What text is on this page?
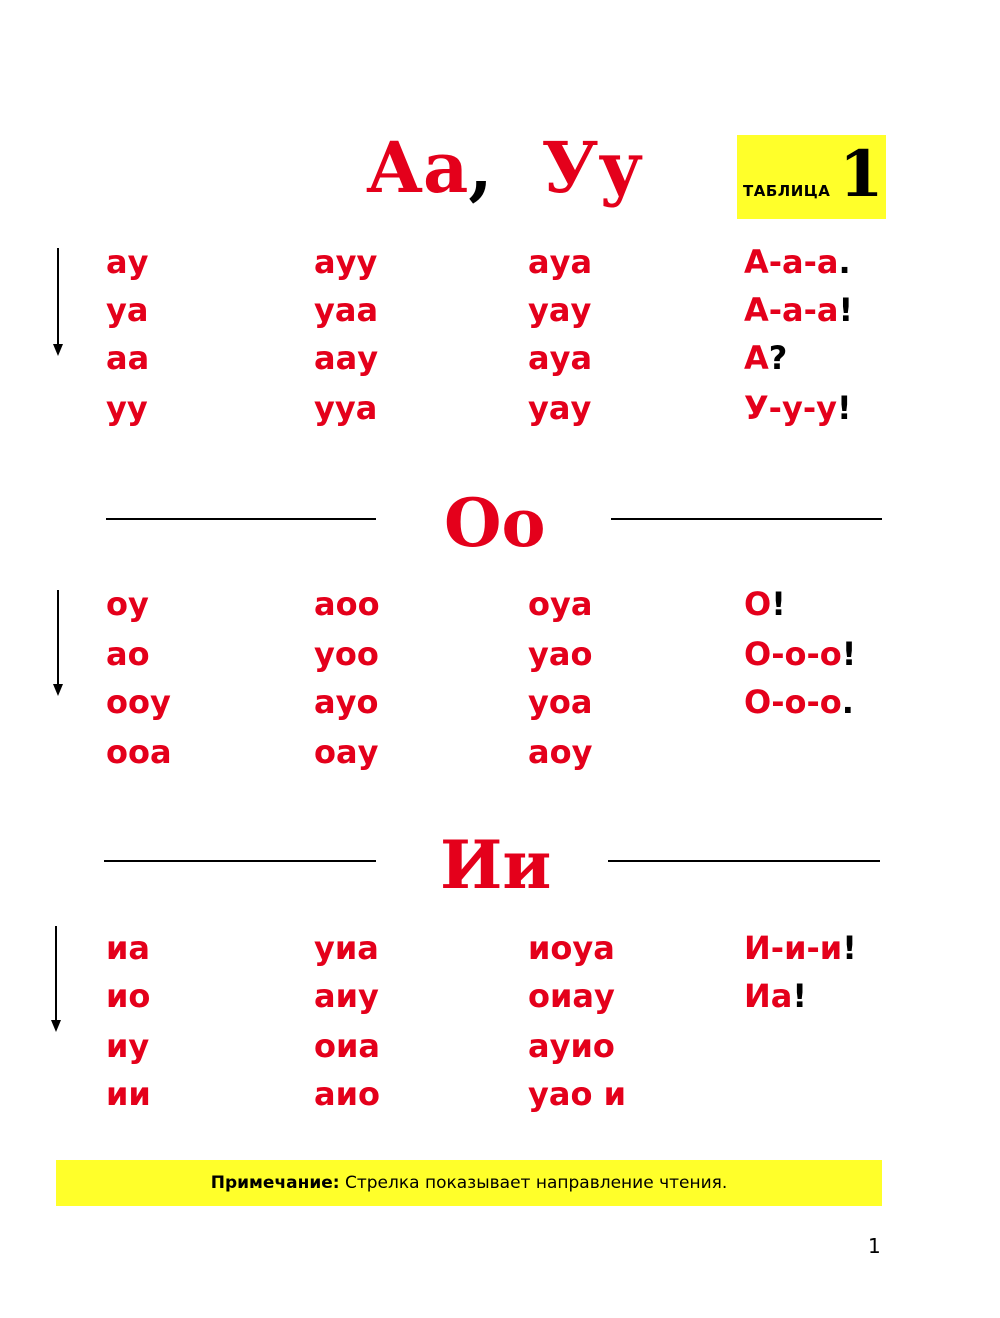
Аа, Уу	ТАБЛИЦА 1
ау
уа
аа
уу
ауу
уаа
аау
ууа
ауа
уау
ауа
уау
А-а-а.
А-а-а!
А?
У-у-у!
Оо
оу
ао
ооу
ооа
аоо
уоо
ауо
оау
оуа
уао
уоа
аоу
О!
О-о-о!
О-о-о.
Ии
иа
ио
иу
ии
уиа
аиу
оиа
аио
иоуа
оиау
ауио
уао и
И-и-и!
Иа!
Примечание: Стрелка показывает направление чтения.
1
